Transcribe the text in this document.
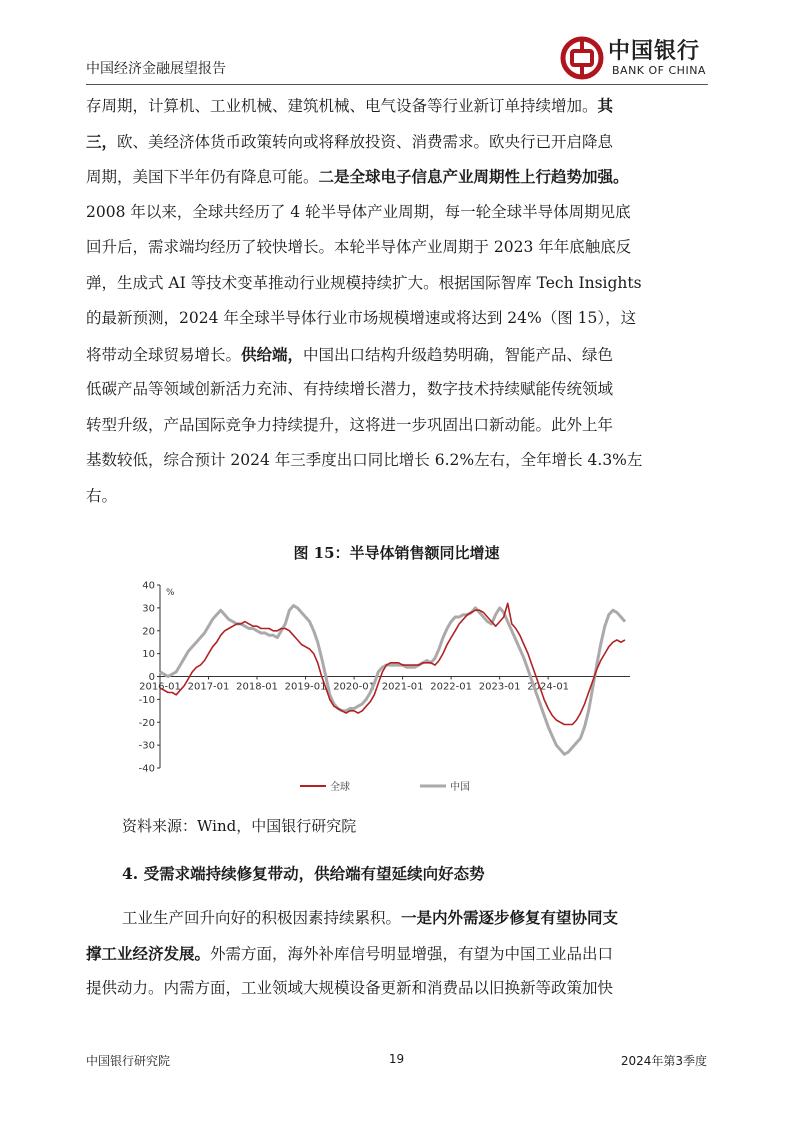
中国经济金融展望报告
中国银行
BANK OF CHINA
存周期，计算机、工业机械、建筑机械、电气设备等行业新订单持续增加。其
三，欧、美经济体货币政策转向或将释放投资、消费需求。欧央行已开启降息
周期，美国下半年仍有降息可能。二是全球电子信息产业周期性上行趋势加强。
2008 年以来，全球共经历了 4 轮半导体产业周期，每一轮全球半导体周期见底
回升后，需求端均经历了较快增长。本轮半导体产业周期于 2023 年年底触底反
弹，生成式 AI 等技术变革推动行业规模持续扩大。根据国际智库 Tech Insights
的最新预测，2024 年全球半导体行业市场规模增速或将达到 24%（图 15），这
将带动全球贸易增长。供给端，中国出口结构升级趋势明确，智能产品、绿色
低碳产品等领域创新活力充沛、有持续增长潜力，数字技术持续赋能传统领域
转型升级，产品国际竞争力持续提升，这将进一步巩固出口新动能。此外上年
基数较低，综合预计 2024 年三季度出口同比增长 6.2%左右，全年增长 4.3%左
右。
图 15：半导体销售额同比增速
40
30
20
10
0
-10
-20
-30
-40
%
2016-01 2017-01 2018-01 2019-01 2020-01 2021-01 2022-01 2023-01 2024-01
全球	中国
资料来源：Wind，中国银行研究院
4. 受需求端持续修复带动，供给端有望延续向好态势
工业生产回升向好的积极因素持续累积。一是内外需逐步修复有望协同支
撑工业经济发展。外需方面，海外补库信号明显增强，有望为中国工业品出口
提供动力。内需方面，工业领域大规模设备更新和消费品以旧换新等政策加快
中国银行研究院	19	2024年第3季度
